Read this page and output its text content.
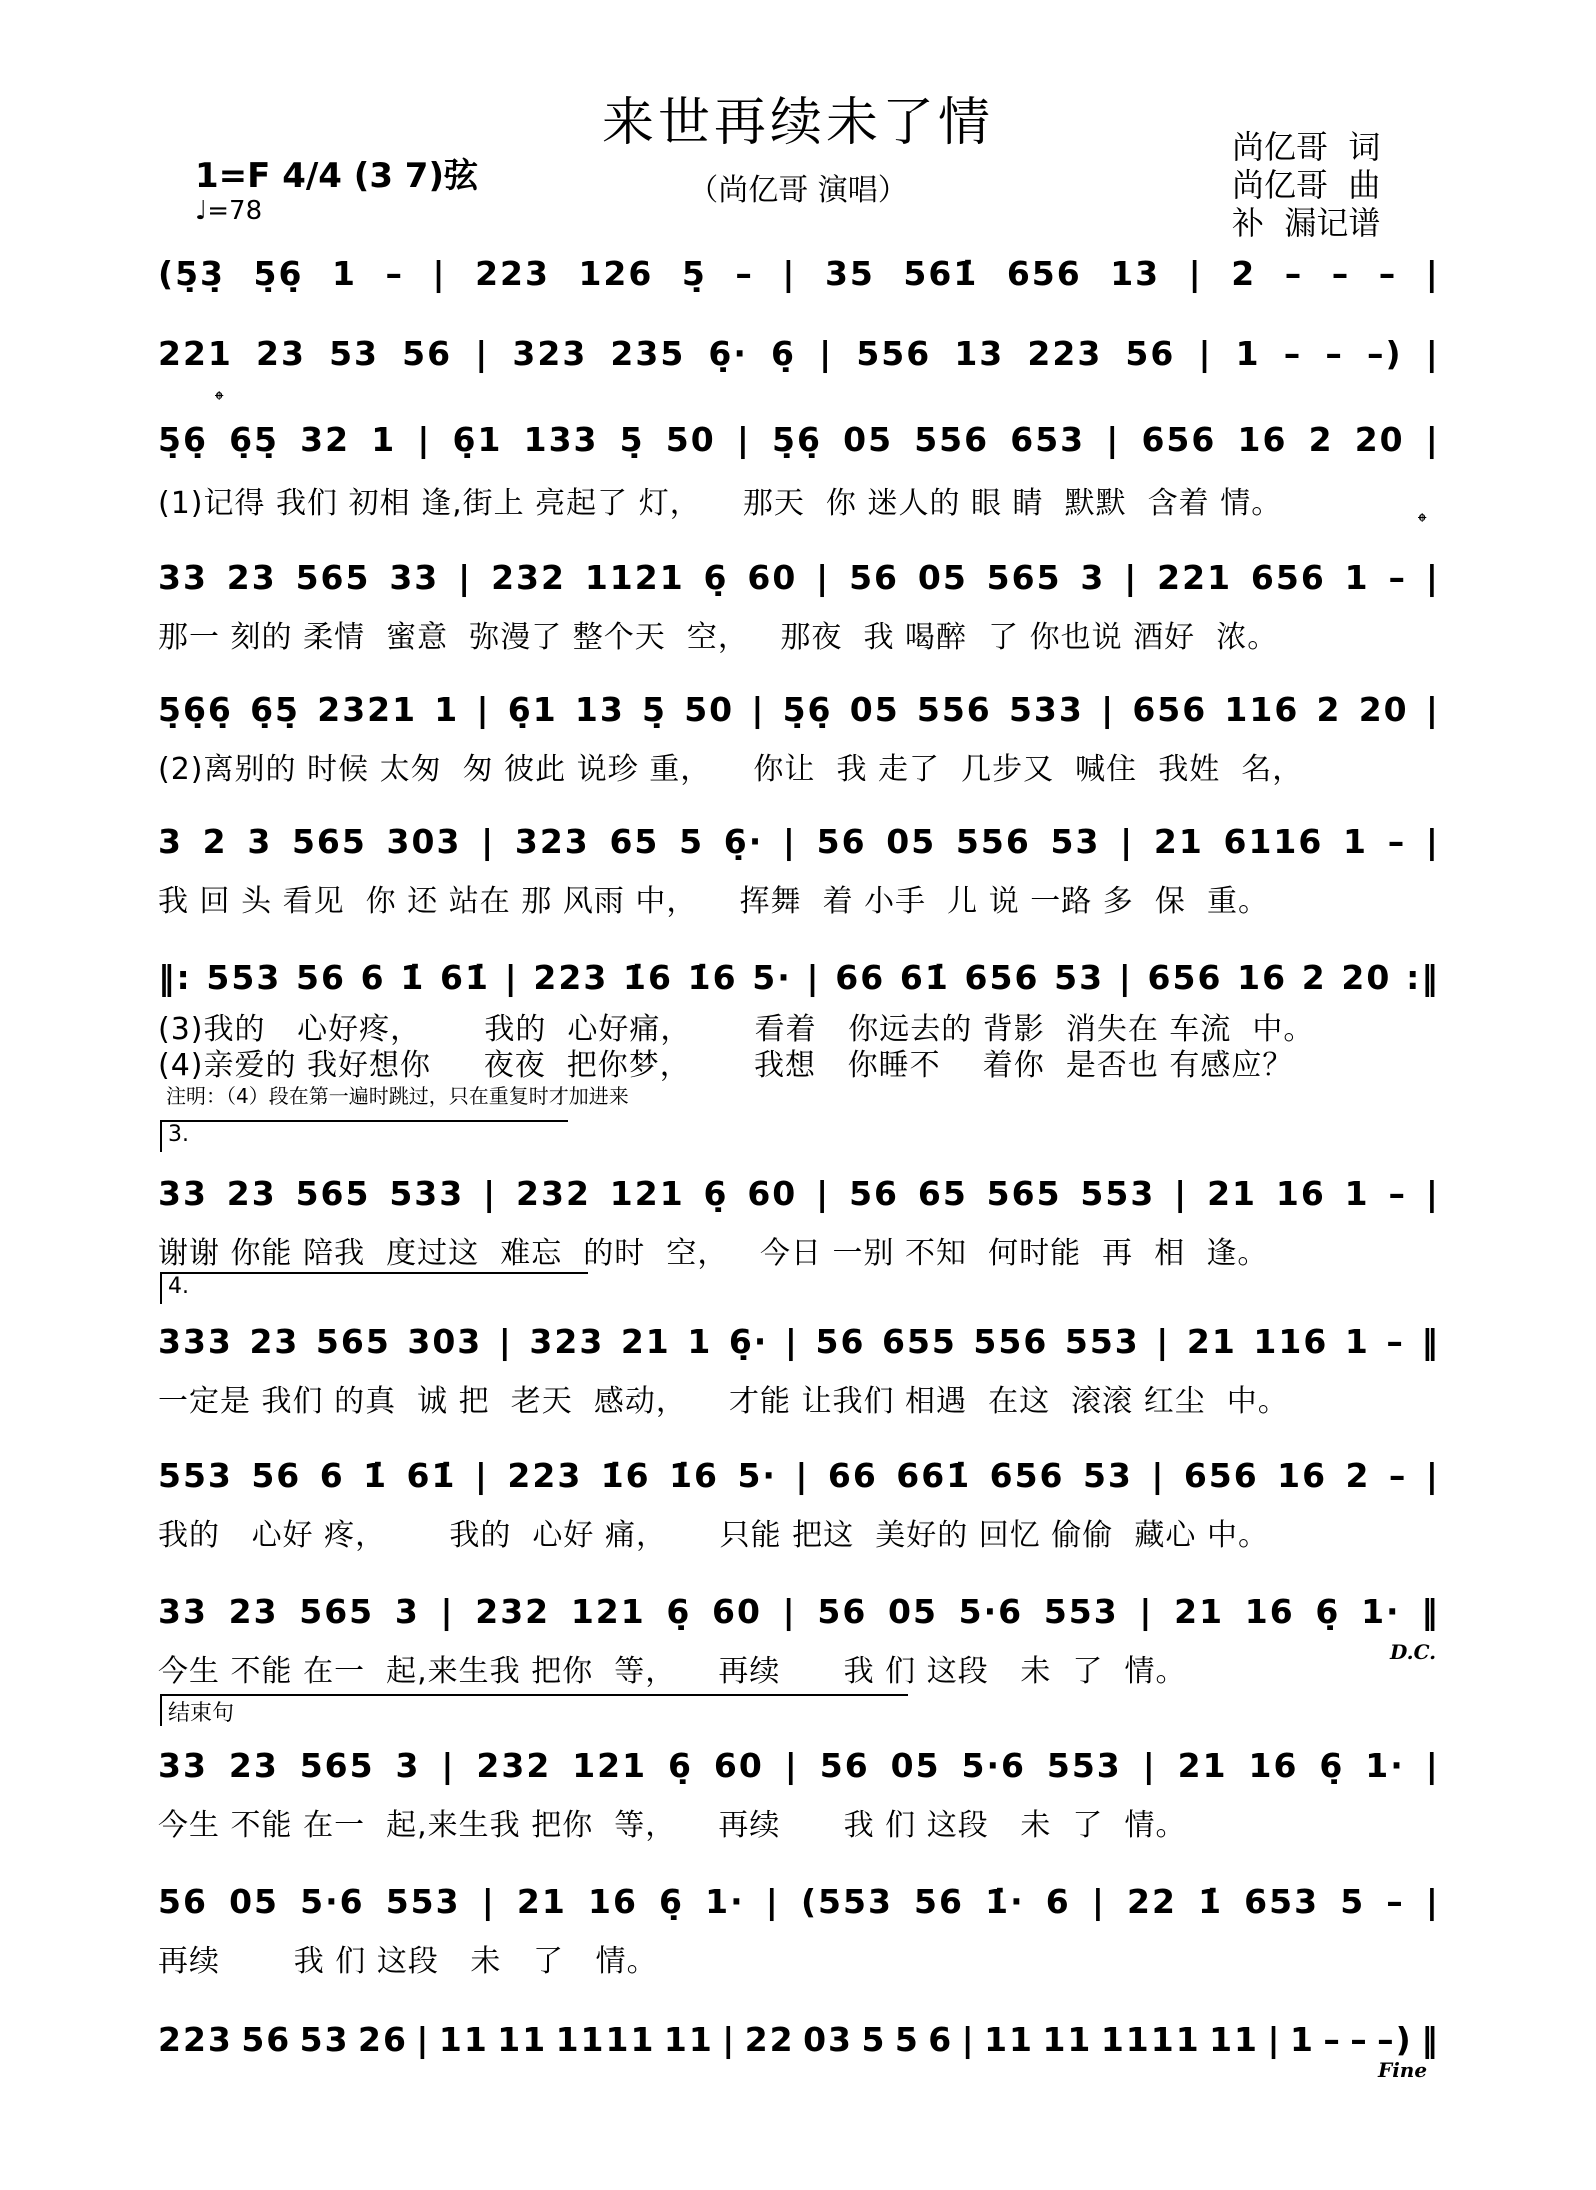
来世再续未了情
（尚亿哥 演唱）
1=F 4/4 (3 7)弦
♩=78
尚亿哥  词
尚亿哥  曲
补  漏记谱
(5̣3̣ 5̣6̣ 1 – | 223 126 5̣ – | 35 561̇ 656 13 | 2 – – – |
221 23 53 56 | 323 235 6̣· 6̣ | 556 13 223 56 | 1 – – –) |
𝄌
5̣6̣ 6̣5̣ 32 1 | 6̣1 133 5̣ 50 | 5̣6̣ 05 556 653 | 656 16 2 20 |
(1)记得 我们 初相 逢,街上 亮起了 灯，    那天  你 迷人的 眼 睛  默默  含着 情。
𝄌
33 23 565 33 | 232 1121 6̣ 60 | 56 05 565 3 | 221 656 1 – |
那一 刻的 柔情  蜜意  弥漫了 整个天  空，   那夜  我 喝醉  了 你也说 酒好  浓。
5̣6̣6̣ 6̣5̣ 2321 1 | 6̣1 13 5̣ 50 | 5̣6̣ 05 556 533 | 656 116 2 20 |
(2)离别的 时候 太匆  匆 彼此 说珍 重，    你让  我 走了  几步又  喊住  我姓  名，
3 2 3 565 303 | 323 65 5 6̣· | 56 05 556 53 | 21 6116 1 – |
我 回 头 看见  你 还 站在 那 风雨 中，    挥舞  着 小手  儿 说 一路 多  保  重。
‖: 553 56 6 1̇ 61̇ | 223 1̇6 1̇6 5· | 66 61̇ 656 53 | 656 16 2 20 :‖
(3)我的   心好疼，      我的  心好痛，      看着   你远去的 背影  消失在 车流  中。
(4)亲爱的 我好想你     夜夜  把你梦，      我想   你睡不    着你  是否也 有感应？
注明：（4）段在第一遍时跳过，只在重复时才加进来
3.
33 23 565 533 | 232 121 6̣ 60 | 56 65 565 553 | 21 16 1 – |
谢谢 你能 陪我  度过这  难忘  的时  空，   今日 一别 不知  何时能  再  相  逢。
4.
333 23 565 303 | 323 21 1 6̣· | 56 655 556 553 | 21 116 1 – ‖
一定是 我们 的真  诚 把  老天  感动，    才能 让我们 相遇  在这  滚滚 红尘  中。
553 56 6 1̇ 61̇ | 223 1̇6 1̇6 5· | 66 661̇ 656 53 | 656 16 2 – |
我的   心好 疼，      我的  心好 痛，     只能 把这  美好的 回忆 偷偷  藏心 中。
33 23 565 3 | 232 121 6̣ 60 | 56 05 5·6 553 | 21 16 6̣ 1· ‖
今生 不能 在一  起,来生我 把你  等，    再续      我 们 这段   未  了  情。
D.C.
结束句
33 23 565 3 | 232 121 6̣ 60 | 56 05 5·6 553 | 21 16 6̣ 1· |
今生 不能 在一  起,来生我 把你  等，    再续      我 们 这段   未  了  情。
56 05 5·6 553 | 21 16 6̣ 1· | (553 56 1̇· 6 | 22 1̇ 653 5 – |
再续       我 们 这段   未   了   情。
223 56 53 26 | 11 11 1111 11 | 22 03 5 5 6 | 11 11 1111 11 | 1 – – –) ‖
Fine
